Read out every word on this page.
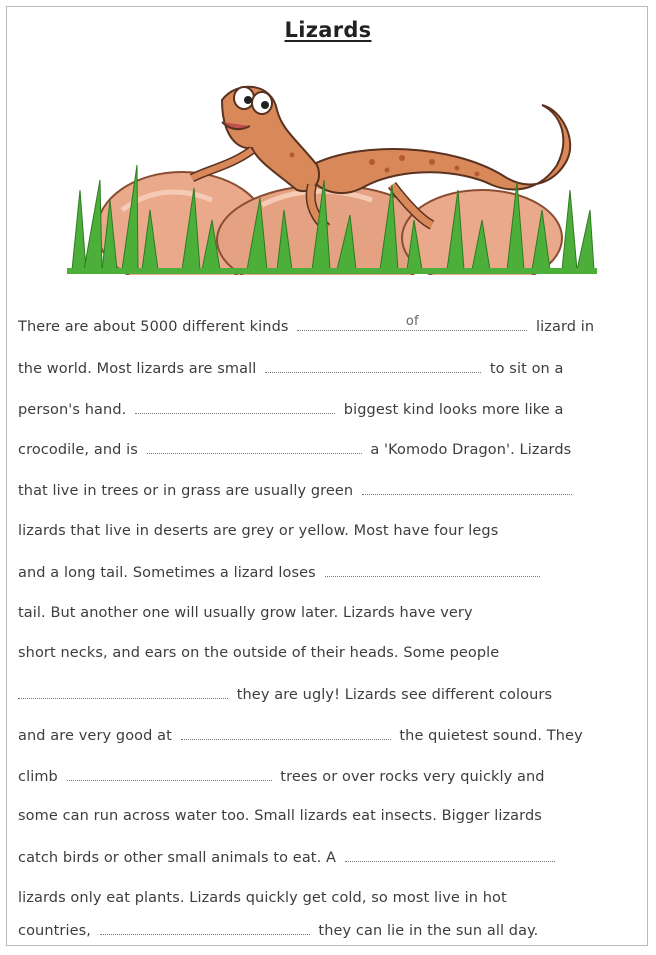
Lizards
There are about 5000 different kinds	of	lizard in
the world. Most lizards are small	to sit on a
person's hand.	biggest kind looks more like a
crocodile, and is	a 'Komodo Dragon'. Lizards
that live in trees or in grass are usually green
lizards that live in deserts are grey or yellow. Most have four legs
and a long tail. Sometimes a lizard loses
tail. But another one will usually grow later. Lizards have very
short necks, and ears on the outside of their heads. Some people
they are ugly! Lizards see different colours
and are very good at	the quietest sound. They
climb	trees or over rocks very quickly and
some can run across water too. Small lizards eat insects. Bigger lizards
catch birds or other small animals to eat. A
lizards only eat plants. Lizards quickly get cold, so most live in hot
countries,	they can lie in the sun all day.
